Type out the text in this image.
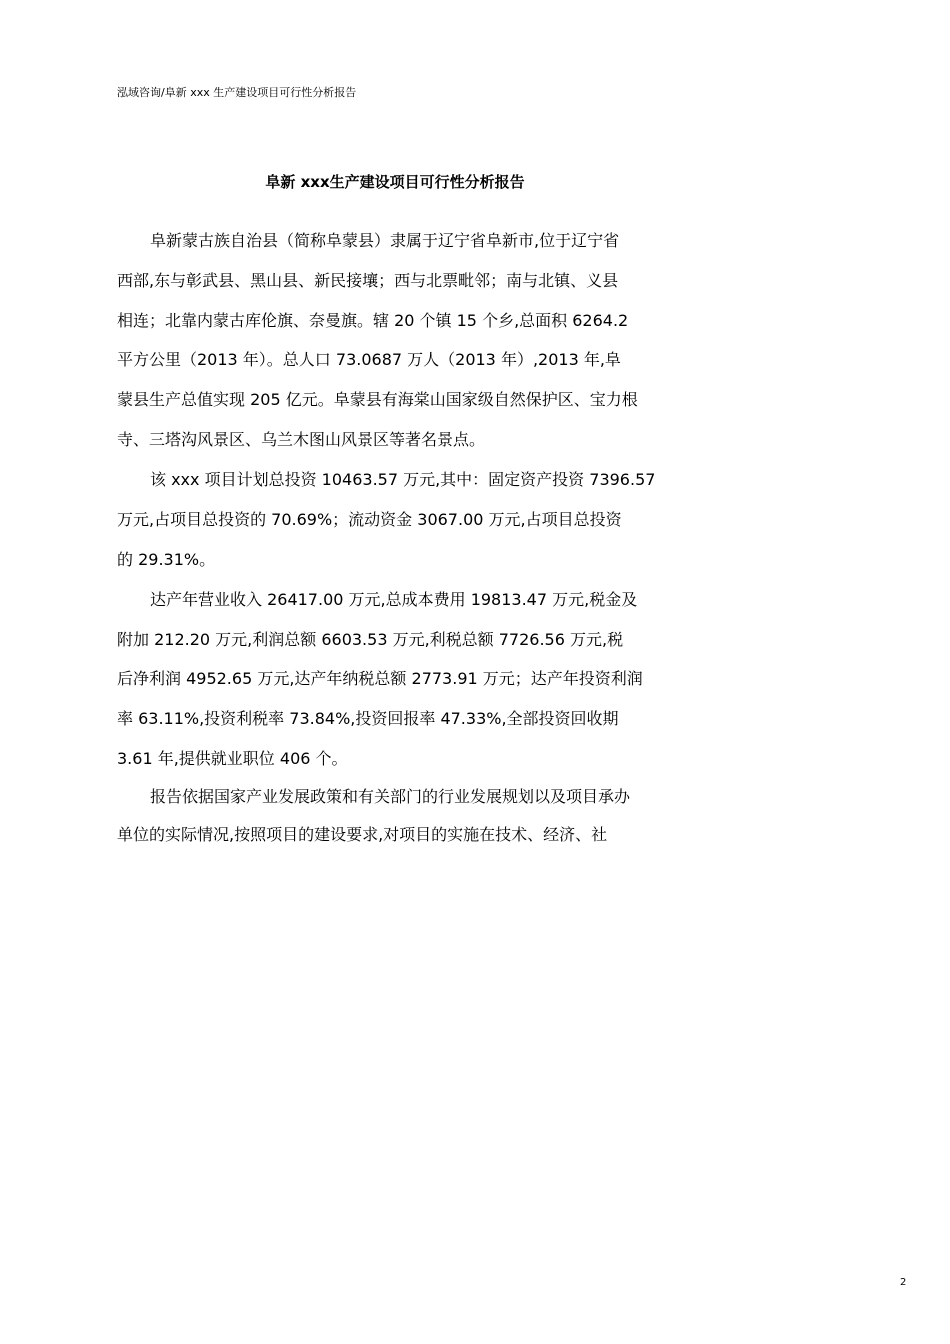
泓域咨询/阜新 xxx 生产建设项目可行性分析报告
阜新 xxx生产建设项目可行性分析报告
阜新蒙古族自治县（简称阜蒙县）隶属于辽宁省阜新市,位于辽宁省
西部,东与彰武县、黑山县、新民接壤；西与北票毗邻；南与北镇、义县
相连；北靠内蒙古库伦旗、奈曼旗。辖 20 个镇 15 个乡,总面积 6264.2
平方公里（2013 年）。总人口 73.0687 万人（2013 年）,2013 年,阜
蒙县生产总值实现 205 亿元。阜蒙县有海棠山国家级自然保护区、宝力根
寺、三塔沟风景区、乌兰木图山风景区等著名景点。
该 xxx 项目计划总投资 10463.57 万元,其中：固定资产投资 7396.57
万元,占项目总投资的 70.69%；流动资金 3067.00 万元,占项目总投资
的 29.31%。
达产年营业收入 26417.00 万元,总成本费用 19813.47 万元,税金及
附加 212.20 万元,利润总额 6603.53 万元,利税总额 7726.56 万元,税
后净利润 4952.65 万元,达产年纳税总额 2773.91 万元；达产年投资利润
率 63.11%,投资利税率 73.84%,投资回报率 47.33%,全部投资回收期
3.61 年,提供就业职位 406 个。
报告依据国家产业发展政策和有关部门的行业发展规划以及项目承办
单位的实际情况,按照项目的建设要求,对项目的实施在技术、经济、社
2
